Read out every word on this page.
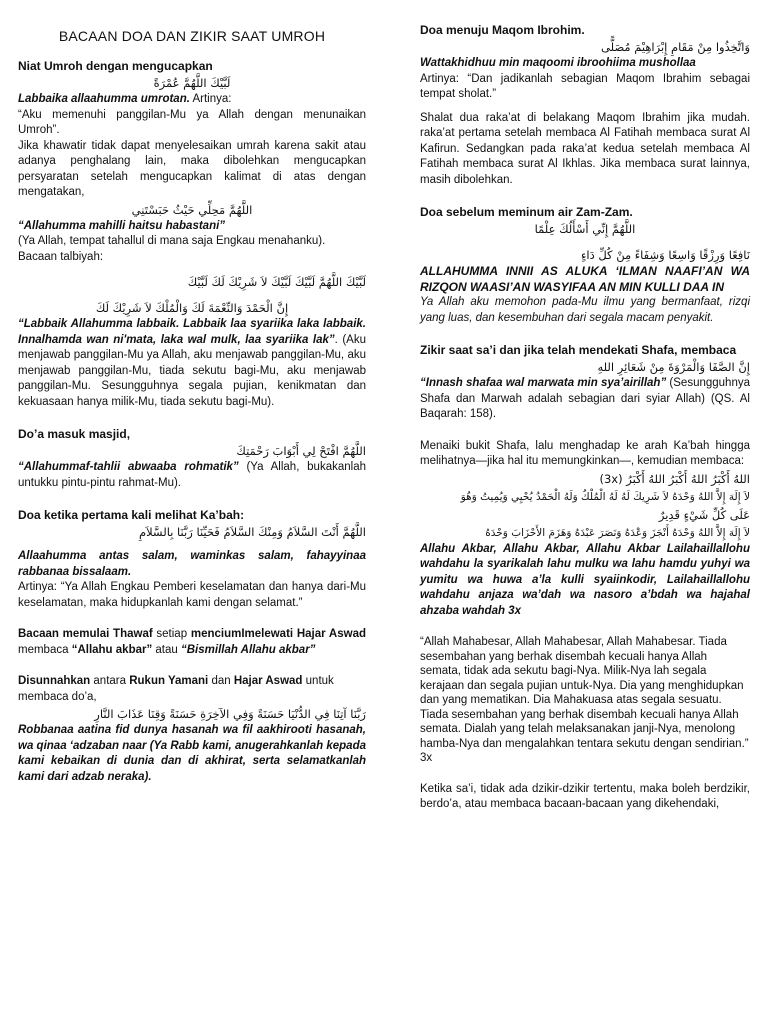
BACAAN DOA DAN ZIKIR SAAT UMROH
Niat Umroh dengan mengucapkan
لَبَّيْكَ اللَّهُمَّ عُمْرَةً

Labbaika allaahumma umrotan. Artinya:

“Aku memenuhi panggilan-Mu ya Allah dengan menunaikan Umroh”.

Jika khawatir tidak dapat menyelesaikan umrah karena sakit atau adanya penghalang lain, maka dibolehkan mengucapkan persyaratan setelah mengucapkan kalimat di atas dengan mengatakan,

اللَّهُمَّ مَحِلِّي حَيْثُ حَبَسْتَنِي

“Allahumma mahilli haitsu habastani”

(Ya Allah, tempat tahallul di mana saja Engkau menahanku).

Bacaan talbiyah:

لَبَّيْكَ اللَّهُمَّ لَبَّيْكَ لَبَّيْكَ لاَ شَرِيْكَ لَكَ لَبَّيْكَ
إِنَّ الْحَمْدَ وَالنِّعْمَةَ لَكَ وَالْمُلْكَ لاَ شَرِيْكَ لَكَ

“Labbaik Allahumma labbaik. Labbaik laa syariika laka labbaik. Innalhamda wan ni'mata, laka wal mulk, laa syariika lak”. (Aku menjawab panggilan-Mu ya Allah, aku menjawab panggilan-Mu, aku menjawab panggilan-Mu, tiada sekutu bagi-Mu, aku menjawab panggilan-Mu. Sesungguhnya segala pujian, kenikmatan dan kekuasaan hanya milik-Mu, tiada sekutu bagi-Mu).

Do’a masuk masjid,
اللَّهُمَّ افْتَحْ لِي أَبْوَابَ رَحْمَتِكَ

“Allahummaf-tahlii abwaaba rohmatik” (Ya Allah, bukakanlah untukku pintu-pintu rahmat-Mu).

Doa ketika pertama kali melihat Ka’bah:
اللَّهُمَّ أَنْتَ السَّلاَمُ وَمِنْكَ السَّلاَمُ فَحَيِّنَا رَبَّنَا بِالسَّلاَمِ

Allaahumma antas salam, waminkas salam, fahayyinaa rabbanaa bissalaam.

Artinya: “Ya Allah Engkau Pemberi keselamatan dan hanya dari-Mu keselamatan, maka hidupkanlah kami dengan selamat.”

Bacaan memulai Thawaf setiap menciumImelewati Hajar Aswad membaca “Allahu akbar” atau “Bismillah Allahu akbar”

Disunnahkan antara Rukun Yamani dan Hajar Aswad untuk membaca do’a,

رَبَّنَا آتِنَا فِي الدُّنْيَا حَسَنَةً وَفِي الآخِرَةِ حَسَنَةً وَقِنَا عَذَابَ النَّارِ

Robbanaa aatina fid dunya hasanah wa fil aakhirooti hasanah, wa qinaa ‘adzaban naar (Ya Rabb kami, anugerahkanlah kepada kami kebaikan di dunia dan di akhirat, serta selamatkanlah kami dari adzab neraka).

Doa menuju Maqom Ibrohim.
وَاتَّخِذُوا مِنْ مَقَامِ إِبْرَاهِيْمَ مُصَلًّى

Wattakhidhuu min maqoomi ibroohiima mushollaa

Artinya: “Dan jadikanlah sebagian Maqom Ibrahim sebagai tempat sholat.”

Shalat dua raka’at di belakang Maqom Ibrahim jika mudah. raka’at pertama setelah membaca Al Fatihah membaca surat Al Kafirun. Sedangkan pada raka’at kedua setelah membaca Al Fatihah membaca surat Al Ikhlas. Jika membaca surat lainnya, masih dibolehkan.

Doa sebelum meminum air Zam-Zam.
اللَّهُمَّ إِنِّي أَسْأَلُكَ عِلْمًا
نَافِعًا وَرِزْقًا وَاسِعًا وَشِفَاءً مِنْ كُلِّ دَاءٍ

ALLAHUMMA INNII AS ALUKA ‘ILMAN NAAFI’AN WA RIZQON WAASI’AN WASYIFAA AN MIN KULLI DAA IN

Ya Allah aku memohon pada-Mu ilmu yang bermanfaat, rizqi yang luas, dan kesembuhan dari segala macam penyakit.

Zikir saat sa’i dan jika telah mendekati Shafa, membaca
إِنَّ الصَّفَا وَالْمَرْوَةَ مِنْ شَعَائِرِ اللهِ

“Innash shafaa wal marwata min sya’airillah” (Sesungguhnya Shafa dan Marwah adalah sebagian dari syiar Allah) (QS. Al Baqarah: 158).

Menaiki bukit Shafa, lalu menghadap ke arah Ka’bah hingga melihatnya—jika hal itu memungkinkan—, kemudian membaca:

اللهُ أَكْبَرُ اللهُ أَكْبَرُ اللهُ أَكْبَرُ (3x)
لاَ إِلَهَ إِلاَّ اللهُ وَحْدَهُ لاَ شَرِيكَ لَهُ لَهُ الْمُلْكُ وَلَهُ الْحَمْدُ يُحْيِي وَيُمِيتُ وَهُوَ
عَلَى كُلِّ شَيْءٍ قَدِيرٌ
لاَ إِلَهَ إِلاَّ اللهُ وَحْدَهُ أَنْجَزَ وَعْدَهُ وَنَصَرَ عَبْدَهُ وَهَزَمَ الأَحْزَابَ وَحْدَهُ

Allahu Akbar, Allahu Akbar, Allahu Akbar Lailahaillallohu wahdahu la syarikalah lahu mulku wa lahu hamdu yuhyi wa yumitu wa huwa a’la kulli syaiinkodir, Lailahaillallohu wahdahu anjaza wa’dah wa nasoro a’bdah wa hajahal ahzaba wahdah 3x

“Allah Mahabesar, Allah Mahabesar, Allah Mahabesar. Tiada sesembahan yang berhak disembah kecuali hanya Allah semata, tidak ada sekutu bagi-Nya. Milik-Nya lah segala kerajaan dan segala pujian untuk-Nya. Dia yang menghidupkan dan yang mematikan. Dia Mahakuasa atas segala sesuatu.

Tiada sesembahan yang berhak disembah kecuali hanya Allah semata. Dialah yang telah melaksanakan janji-Nya, menolong hamba-Nya dan mengalahkan tentara sekutu dengan sendirian.” 3x

Ketika sa’i, tidak ada dzikir-dzikir tertentu, maka boleh berdzikir, berdo’a, atau membaca bacaan-bacaan yang dikehendaki,
